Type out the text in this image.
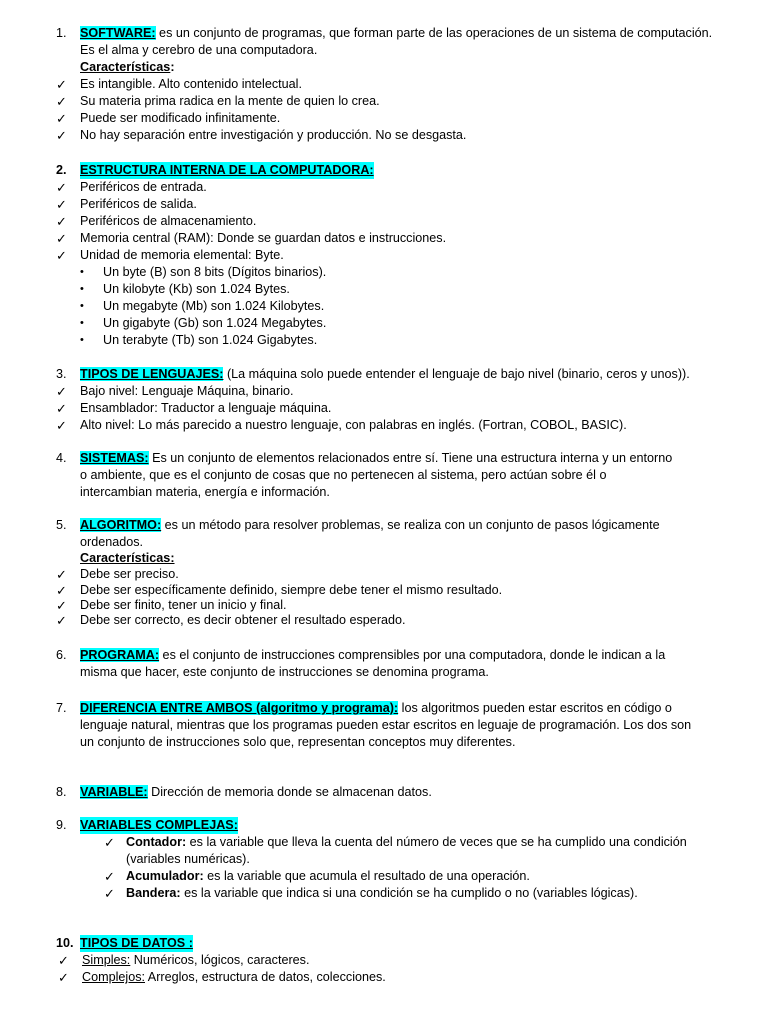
1.	SOFTWARE: es un conjunto de programas, que forman parte de las operaciones de un sistema de computación.
Es el alma y cerebro de una computadora.
Características:
✓ Es intangible. Alto contenido intelectual.
✓ Su materia prima radica en la mente de quien lo crea.
✓ Puede ser modificado infinitamente.
✓ No hay separación entre investigación y producción. No se desgasta.
2.	ESTRUCTURA INTERNA DE LA COMPUTADORA:
✓ Periféricos de entrada.
✓ Periféricos de salida.
✓ Periféricos de almacenamiento.
✓ Memoria central (RAM): Donde se guardan datos e instrucciones.
✓ Unidad de memoria elemental: Byte.
• Un byte (B) son 8 bits (Dígitos binarios).
• Un kilobyte (Kb) son 1.024 Bytes.
• Un megabyte (Mb) son 1.024 Kilobytes.
• Un gigabyte (Gb) son 1.024 Megabytes.
• Un terabyte (Tb) son 1.024 Gigabytes.
3.	TIPOS DE LENGUAJES: (La máquina solo puede entender el lenguaje de bajo nivel (binario, ceros y unos)).
✓ Bajo nivel: Lenguaje Máquina, binario.
✓ Ensamblador: Traductor a lenguaje máquina.
✓ Alto nivel: Lo más parecido a nuestro lenguaje, con palabras en inglés. (Fortran, COBOL, BASIC).
4.	SISTEMAS: Es un conjunto de elementos relacionados entre sí. Tiene una estructura interna y un entorno
o ambiente, que es el conjunto de cosas que no pertenecen al sistema, pero actúan sobre él o
intercambian materia, energía e información.
5.	ALGORITMO: es un método para resolver problemas, se realiza con un conjunto de pasos lógicamente
ordenados.
Características:
✓ Debe ser preciso.
✓ Debe ser específicamente definido, siempre debe tener el mismo resultado.
✓ Debe ser finito, tener un inicio y final.
✓ Debe ser correcto, es decir obtener el resultado esperado.
6.	PROGRAMA: es el conjunto de instrucciones comprensibles por una computadora, donde le indican a la
misma que hacer, este conjunto de instrucciones se denomina programa.
7.	DIFERENCIA ENTRE AMBOS (algoritmo y programa): los algoritmos pueden estar escritos en código o
lenguaje natural, mientras que los programas pueden estar escritos en leguaje de programación. Los dos son
un conjunto de instrucciones solo que, representan conceptos muy diferentes.
8.	VARIABLE: Dirección de memoria donde se almacenan datos.
9.	VARIABLES COMPLEJAS:
✓ Contador: es la variable que lleva la cuenta del número de veces que se ha cumplido una condición
(variables numéricas).
✓ Acumulador: es la variable que acumula el resultado de una operación.
✓ Bandera: es la variable que indica si una condición se ha cumplido o no (variables lógicas).
10. TIPOS DE DATOS :
✓ Simples: Numéricos, lógicos, caracteres.
✓ Complejos: Arreglos, estructura de datos, colecciones.
